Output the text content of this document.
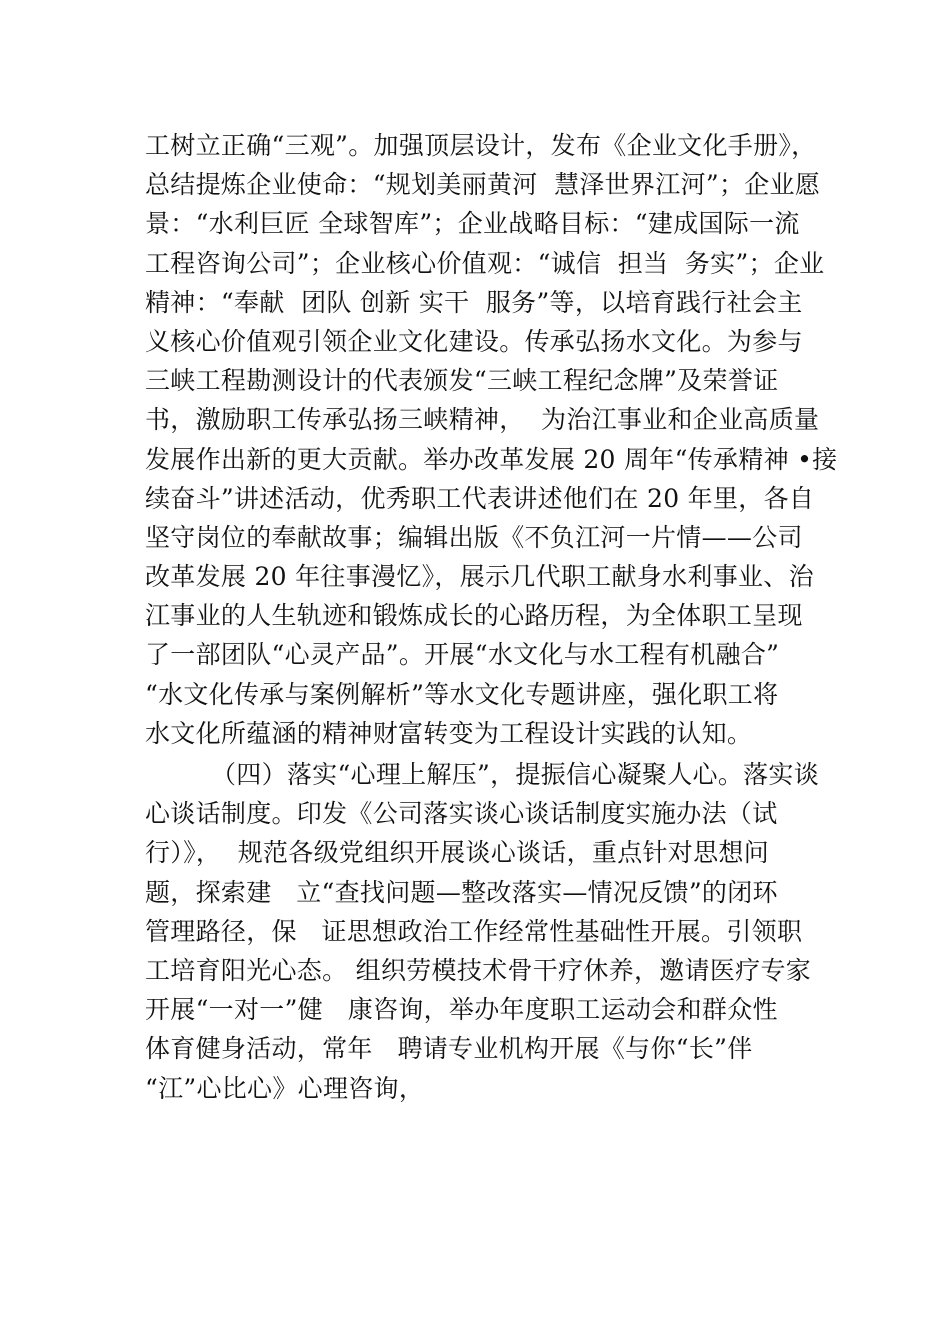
工树立正确“三观”。加强顶层设计，发布《企业文化手册》，
总结提炼企业使命：“规划美丽黄河  慧泽世界江河”；企业愿
景：“水利巨匠 全球智库”；企业战略目标：“建成国际一流
工程咨询公司”；企业核心价值观：“诚信  担当  务实”；企业
精神：“奉献  团队 创新 实干  服务”等，以培育践行社会主
义核心价值观引领企业文化建设。传承弘扬水文化。为参与
三峡工程勘测设计的代表颁发“三峡工程纪念牌”及荣誉证
书，激励职工传承弘扬三峡精神，  为治江事业和企业高质量
发展作出新的更大贡献。举办改革发展 20 周年“传承精神 •接
续奋斗”讲述活动，优秀职工代表讲述他们在 20 年里，各自
坚守岗位的奉献故事；编辑出版《不负江河一片情——公司
改革发展 20 年往事漫忆》，展示几代职工献身水利事业、治
江事业的人生轨迹和锻炼成长的心路历程，为全体职工呈现
了一部团队“心灵产品”。开展“水文化与水工程有机融合”
“水文化传承与案例解析”等水文化专题讲座，强化职工将
水文化所蕴涵的精神财富转变为工程设计实践的认知。
（四）落实“心理上解压”，提振信心凝聚人心。落实谈
心谈话制度。印发《公司落实谈心谈话制度实施办法（试
行）》，  规范各级党组织开展谈心谈话，重点针对思想问
题，探索建   立“查找问题—整改落实—情况反馈”的闭环
管理路径，保   证思想政治工作经常性基础性开展。引领职
工培育阳光心态。 组织劳模技术骨干疗休养，邀请医疗专家
开展“一对一”健   康咨询，举办年度职工运动会和群众性
体育健身活动，常年   聘请专业机构开展《与你“长”伴
“江”心比心》心理咨询，
